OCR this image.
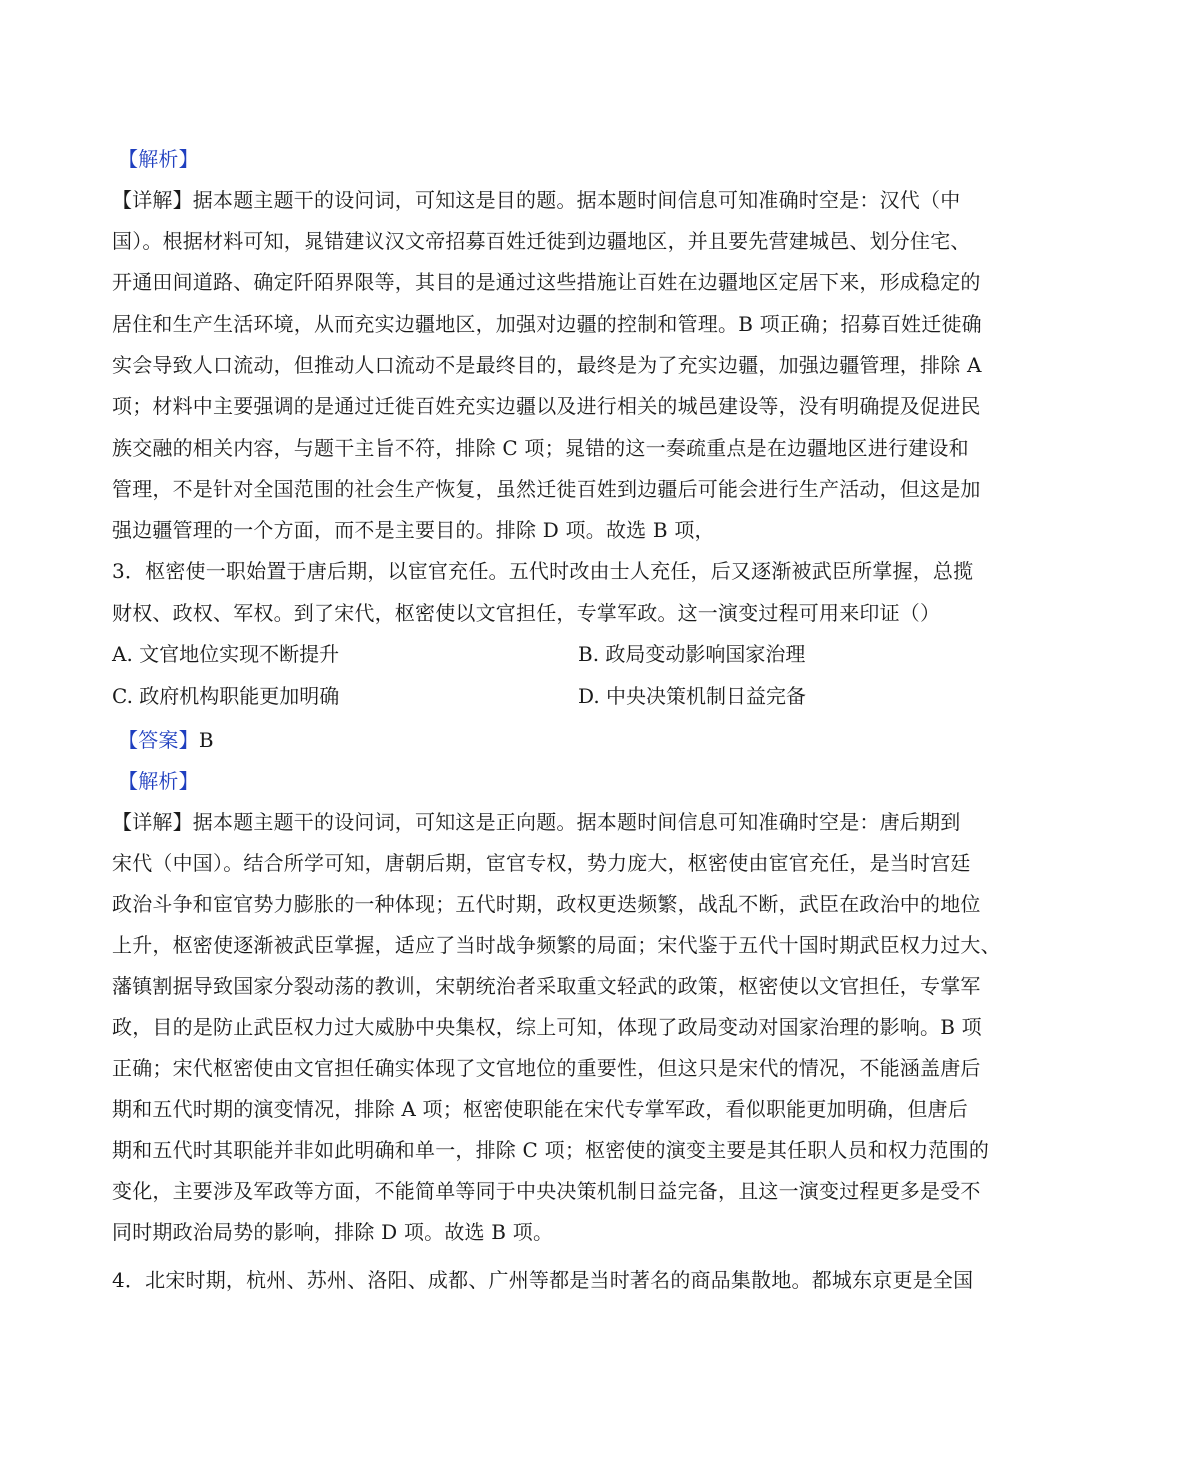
【解析】
【详解】据本题主题干的设问词，可知这是目的题。据本题时间信息可知准确时空是：汉代（中
国）。根据材料可知，晁错建议汉文帝招募百姓迁徙到边疆地区，并且要先营建城邑、划分住宅、
开通田间道路、确定阡陌界限等，其目的是通过这些措施让百姓在边疆地区定居下来，形成稳定的
居住和生产生活环境，从而充实边疆地区，加强对边疆的控制和管理。B 项正确；招募百姓迁徙确
实会导致人口流动，但推动人口流动不是最终目的，最终是为了充实边疆，加强边疆管理，排除 A
项；材料中主要强调的是通过迁徙百姓充实边疆以及进行相关的城邑建设等，没有明确提及促进民
族交融的相关内容，与题干主旨不符，排除 C 项；晁错的这一奏疏重点是在边疆地区进行建设和
管理，不是针对全国范围的社会生产恢复，虽然迁徙百姓到边疆后可能会进行生产活动，但这是加
强边疆管理的一个方面，而不是主要目的。排除 D 项。故选 B 项，
3．枢密使一职始置于唐后期，以宦官充任。五代时改由士人充任，后又逐渐被武臣所掌握，总揽
财权、政权、军权。到了宋代，枢密使以文官担任，专掌军政。这一演变过程可用来印证（）
A. 文官地位实现不断提升	B. 政局变动影响国家治理
C. 政府机构职能更加明确	D. 中央决策机制日益完备
【答案】B
【解析】
【详解】据本题主题干的设问词，可知这是正向题。据本题时间信息可知准确时空是：唐后期到
宋代（中国）。结合所学可知，唐朝后期，宦官专权，势力庞大，枢密使由宦官充任，是当时宫廷
政治斗争和宦官势力膨胀的一种体现；五代时期，政权更迭频繁，战乱不断，武臣在政治中的地位
上升，枢密使逐渐被武臣掌握，适应了当时战争频繁的局面；宋代鉴于五代十国时期武臣权力过大、
藩镇割据导致国家分裂动荡的教训，宋朝统治者采取重文轻武的政策，枢密使以文官担任，专掌军
政，目的是防止武臣权力过大威胁中央集权，综上可知，体现了政局变动对国家治理的影响。B 项
正确；宋代枢密使由文官担任确实体现了文官地位的重要性，但这只是宋代的情况，不能涵盖唐后
期和五代时期的演变情况，排除 A 项；枢密使职能在宋代专掌军政，看似职能更加明确，但唐后
期和五代时其职能并非如此明确和单一，排除 C 项；枢密使的演变主要是其任职人员和权力范围的
变化，主要涉及军政等方面，不能简单等同于中央决策机制日益完备，且这一演变过程更多是受不
同时期政治局势的影响，排除 D 项。故选 B 项。
4．北宋时期，杭州、苏州、洛阳、成都、广州等都是当时著名的商品集散地。都城东京更是全国
